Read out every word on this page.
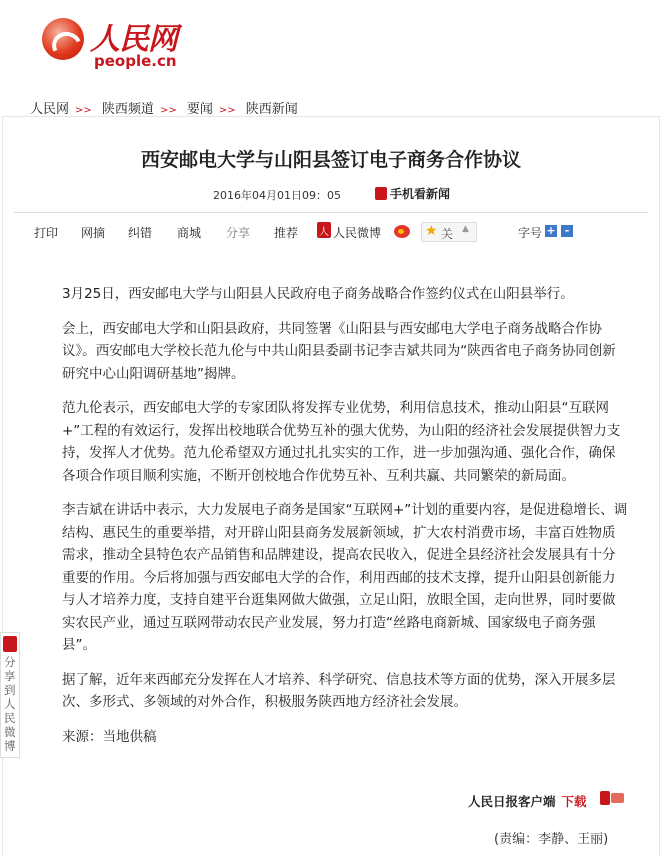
人民网
people.cn
人民网 >> 陕西频道 >> 要闻 >> 陕西新闻
西安邮电大学与山阳县签订电子商务合作协议
2016年04月01日09：05	手机看新闻
打印 网摘 纠错 商城 分享 推荐
人	人民微博	★ 关 ▲	字号 + -

3月25日，西安邮电大学与山阳县人民政府电子商务战略合作签约仪式在山阳县举行。

会上，西安邮电大学和山阳县政府，共同签署《山阳县与西安邮电大学电子商务战略合作协议》。西安邮电大学校长范九伦与中共山阳县委副书记李吉斌共同为“陕西省电子商务协同创新研究中心山阳调研基地”揭牌。

范九伦表示，西安邮电大学的专家团队将发挥专业优势，利用信息技术，推动山阳县“互联网+”工程的有效运行，发挥出校地联合优势互补的强大优势，为山阳的经济社会发展提供智力支持，发挥人才优势。范九伦希望双方通过扎扎实实的工作，进一步加强沟通、强化合作，确保各项合作项目顺利实施，不断开创校地合作优势互补、互利共赢、共同繁荣的新局面。

李吉斌在讲话中表示，大力发展电子商务是国家“互联网+”计划的重要内容，是促进稳增长、调结构、惠民生的重要举措，对开辟山阳县商务发展新领域，扩大农村消费市场，丰富百姓物质需求，推动全县特色农产品销售和品牌建设，提高农民收入，促进全县经济社会发展具有十分重要的作用。今后将加强与西安邮电大学的合作，利用西邮的技术支撑，提升山阳县创新能力与人才培养力度，支持自建平台逛集网做大做强，立足山阳，放眼全国，走向世界，同时要做实农民产业，通过互联网带动农民产业发展，努力打造“丝路电商新城、国家级电子商务强县”。

据了解，近年来西邮充分发挥在人才培养、科学研究、信息技术等方面的优势，深入开展多层次、多形式、多领域的对外合作，积极服务陕西地方经济社会发展。

来源：当地供稿

分享到人民微博
人民日报客户端 下载
(责编：李静、王丽)
